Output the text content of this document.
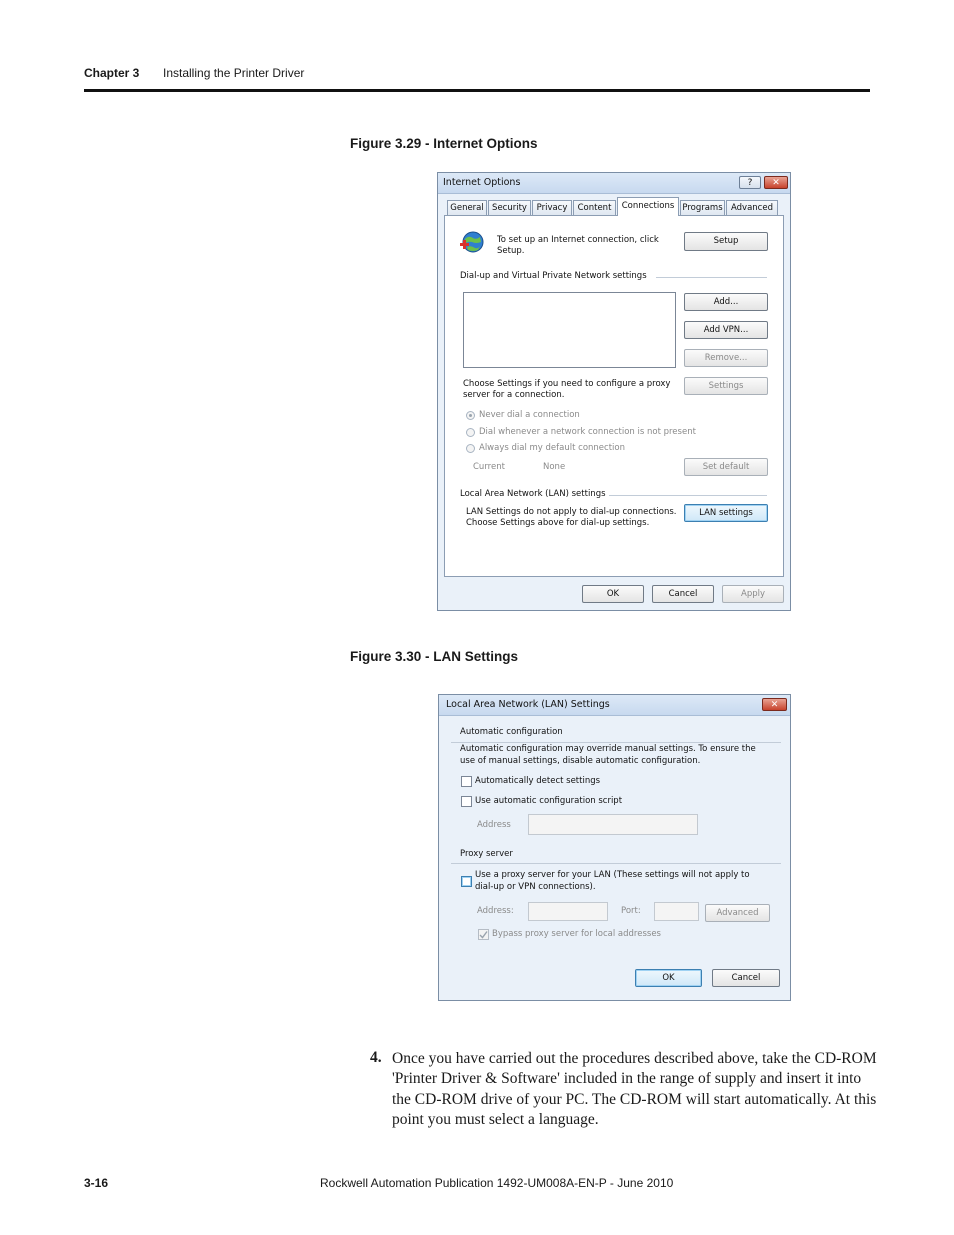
Chapter 3 Installing the Printer Driver
Figure 3.29 - Internet Options
Internet Options	?	✕
General Security	Privacy	Content	Connections Programs Advanced
To set up an Internet connection, click
Setup.
Setup
Dial-up and Virtual Private Network settings
Add...
Add VPN...
Remove...
Choose Settings if you need to configure a proxy
server for a connection.
Settings
Never dial a connection
Dial whenever a network connection is not present
Always dial my default connection
Current	None	Set default
Local Area Network (LAN) settings
LAN Settings do not apply to dial-up connections.
Choose Settings above for dial-up settings.
LAN settings
OK	Cancel	Apply
Figure 3.30 - LAN Settings
Local Area Network (LAN) Settings	✕
Automatic configuration
Automatic configuration may override manual settings. To ensure the
use of manual settings, disable automatic configuration.
Automatically detect settings
Use automatic configuration script
Address
Proxy server
Use a proxy server for your LAN (These settings will not apply to
dial-up or VPN connections).
Address:	Port:	Advanced
Bypass proxy server for local addresses
OK	Cancel
4. Once you have carried out the procedures described above, take the CD-ROM 'Printer Driver & Software' included in the range of supply and insert it into the CD-ROM drive of your PC. The CD-ROM will start automatically. At this point you must select a language.
3-16	Rockwell Automation Publication 1492-UM008A-EN-P - June 2010
